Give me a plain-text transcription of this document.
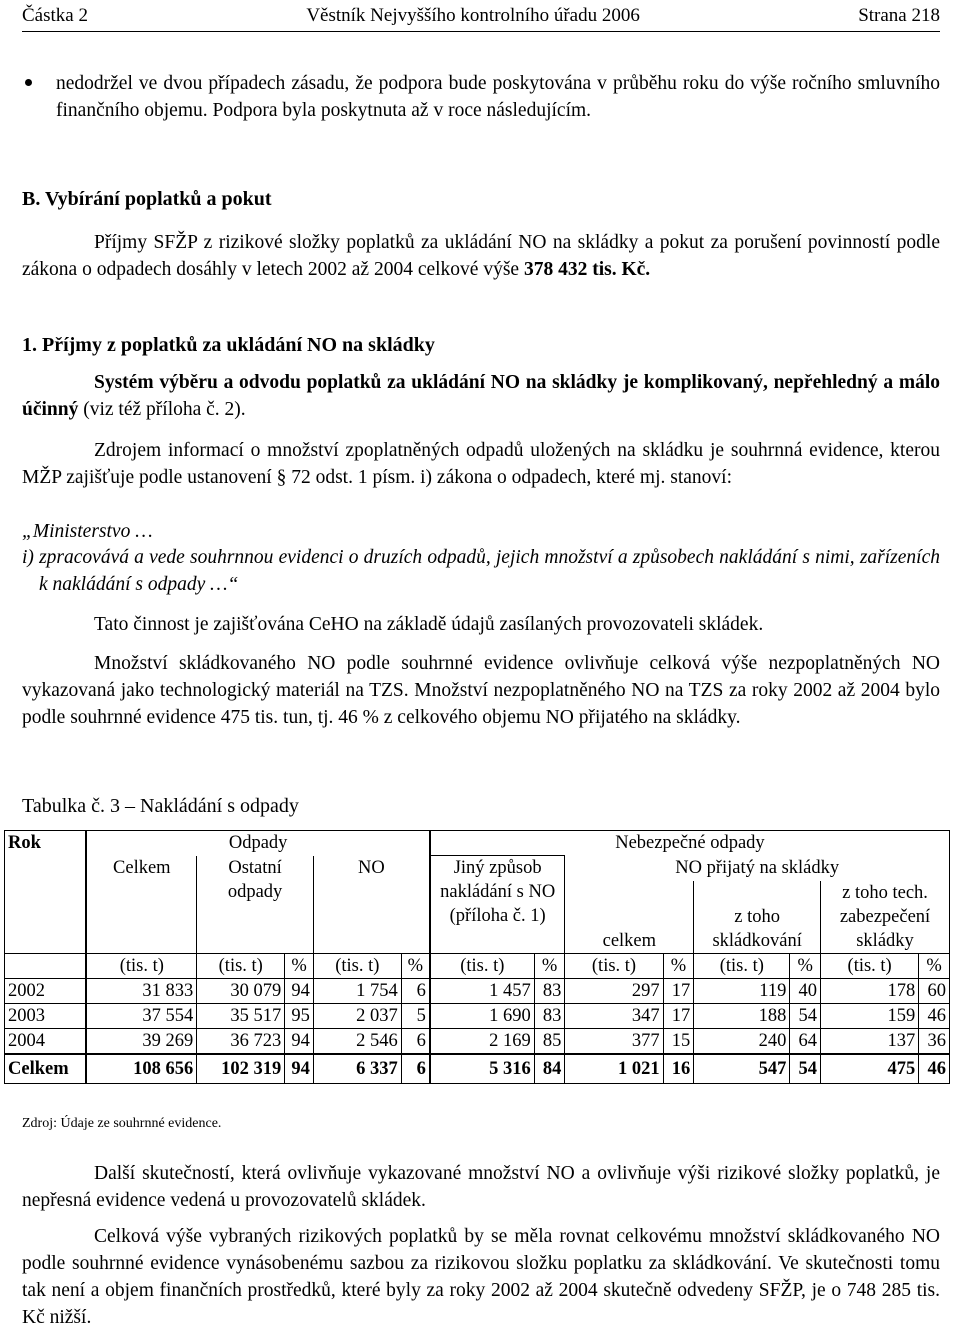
Částka 2	Věstník Nejvyššího kontrolního úřadu 2006	Strana 218

nedodržel ve dvou případech zásadu, že podpora bude poskytována v průběhu roku do výše ročního smluvního finančního objemu. Podpora byla poskytnuta až v roce následujícím.

B. Vybírání poplatků a pokut

Příjmy SFŽP z rizikové složky poplatků za ukládání NO na skládky a pokut za porušení povinností podle zákona o odpadech dosáhly v letech 2002 až 2004 celkové výše 378 432 tis. Kč.

1. Příjmy z poplatků za ukládání NO na skládky

Systém výběru a odvodu poplatků za ukládání NO na skládky je komplikovaný, nepřehledný a málo účinný (viz též příloha č. 2).

Zdrojem informací o množství zpoplatněných odpadů uložených na skládku je souhrnná evidence, kterou MŽP zajišťuje podle ustanovení § 72 odst. 1 písm. i) zákona o odpadech, které mj. stanoví:

„Ministerstvo …

i) zpracovává a vede souhrnnou evidenci o druzích odpadů, jejich množství a způsobech nakládání s nimi, zařízeních k nakládání s odpady …“

Tato činnost je zajišťována CeHO na základě údajů zasílaných provozovateli skládek.

Množství skládkovaného NO podle souhrnné evidence ovlivňuje celková výše nezpoplatněných NO vykazovaná jako technologický materiál na TZS. Množství nezpoplatněného NO na TZS za roky 2002 až 2004 bylo podle souhrnné evidence 475 tis. tun, tj. 46 % z celkového objemu NO přijatého na skládky.

Tabulka č. 3 – Nakládání s odpady
Rok	Odpady					Nebezpečné odpady							
	Celkem	Ostatní odpady		NO		Jiný způsob nakládání s NO (příloha č. 1)		NO přijatý na skládky					
								celkem		z toho skládkování		z toho tech. zabezpečení skládky	

	(tis. t)	(tis. t)	%	(tis. t)	%	(tis. t)	%	(tis. t)	%	(tis. t)	%	(tis. t)	%
2002	31 833	30 079	94	1 754	6	1 457	83	297	17	119	40	178	60
2003	37 554	35 517	95	2 037	5	1 690	83	347	17	188	54	159	46
2004	39 269	36 723	94	2 546	6	2 169	85	377	15	240	64	137	36
Celkem	108 656	102 319	94	6 337	6	5 316	84	1 021	16	547	54	475	46
Zdroj: Údaje ze souhrnné evidence.

Další skutečností, která ovlivňuje vykazované množství NO a ovlivňuje výši rizikové složky poplatků, je nepřesná evidence vedená u provozovatelů skládek.

Celková výše vybraných rizikových poplatků by se měla rovnat celkovému množství skládkovaného NO podle souhrnné evidence vynásobenému sazbou za rizikovou složku poplatku za skládkování. Ve skutečnosti tomu tak není a objem finančních prostředků, které byly za roky 2002 až 2004 skutečně odvedeny SFŽP, je o 748 285 tis. Kč nižší.
